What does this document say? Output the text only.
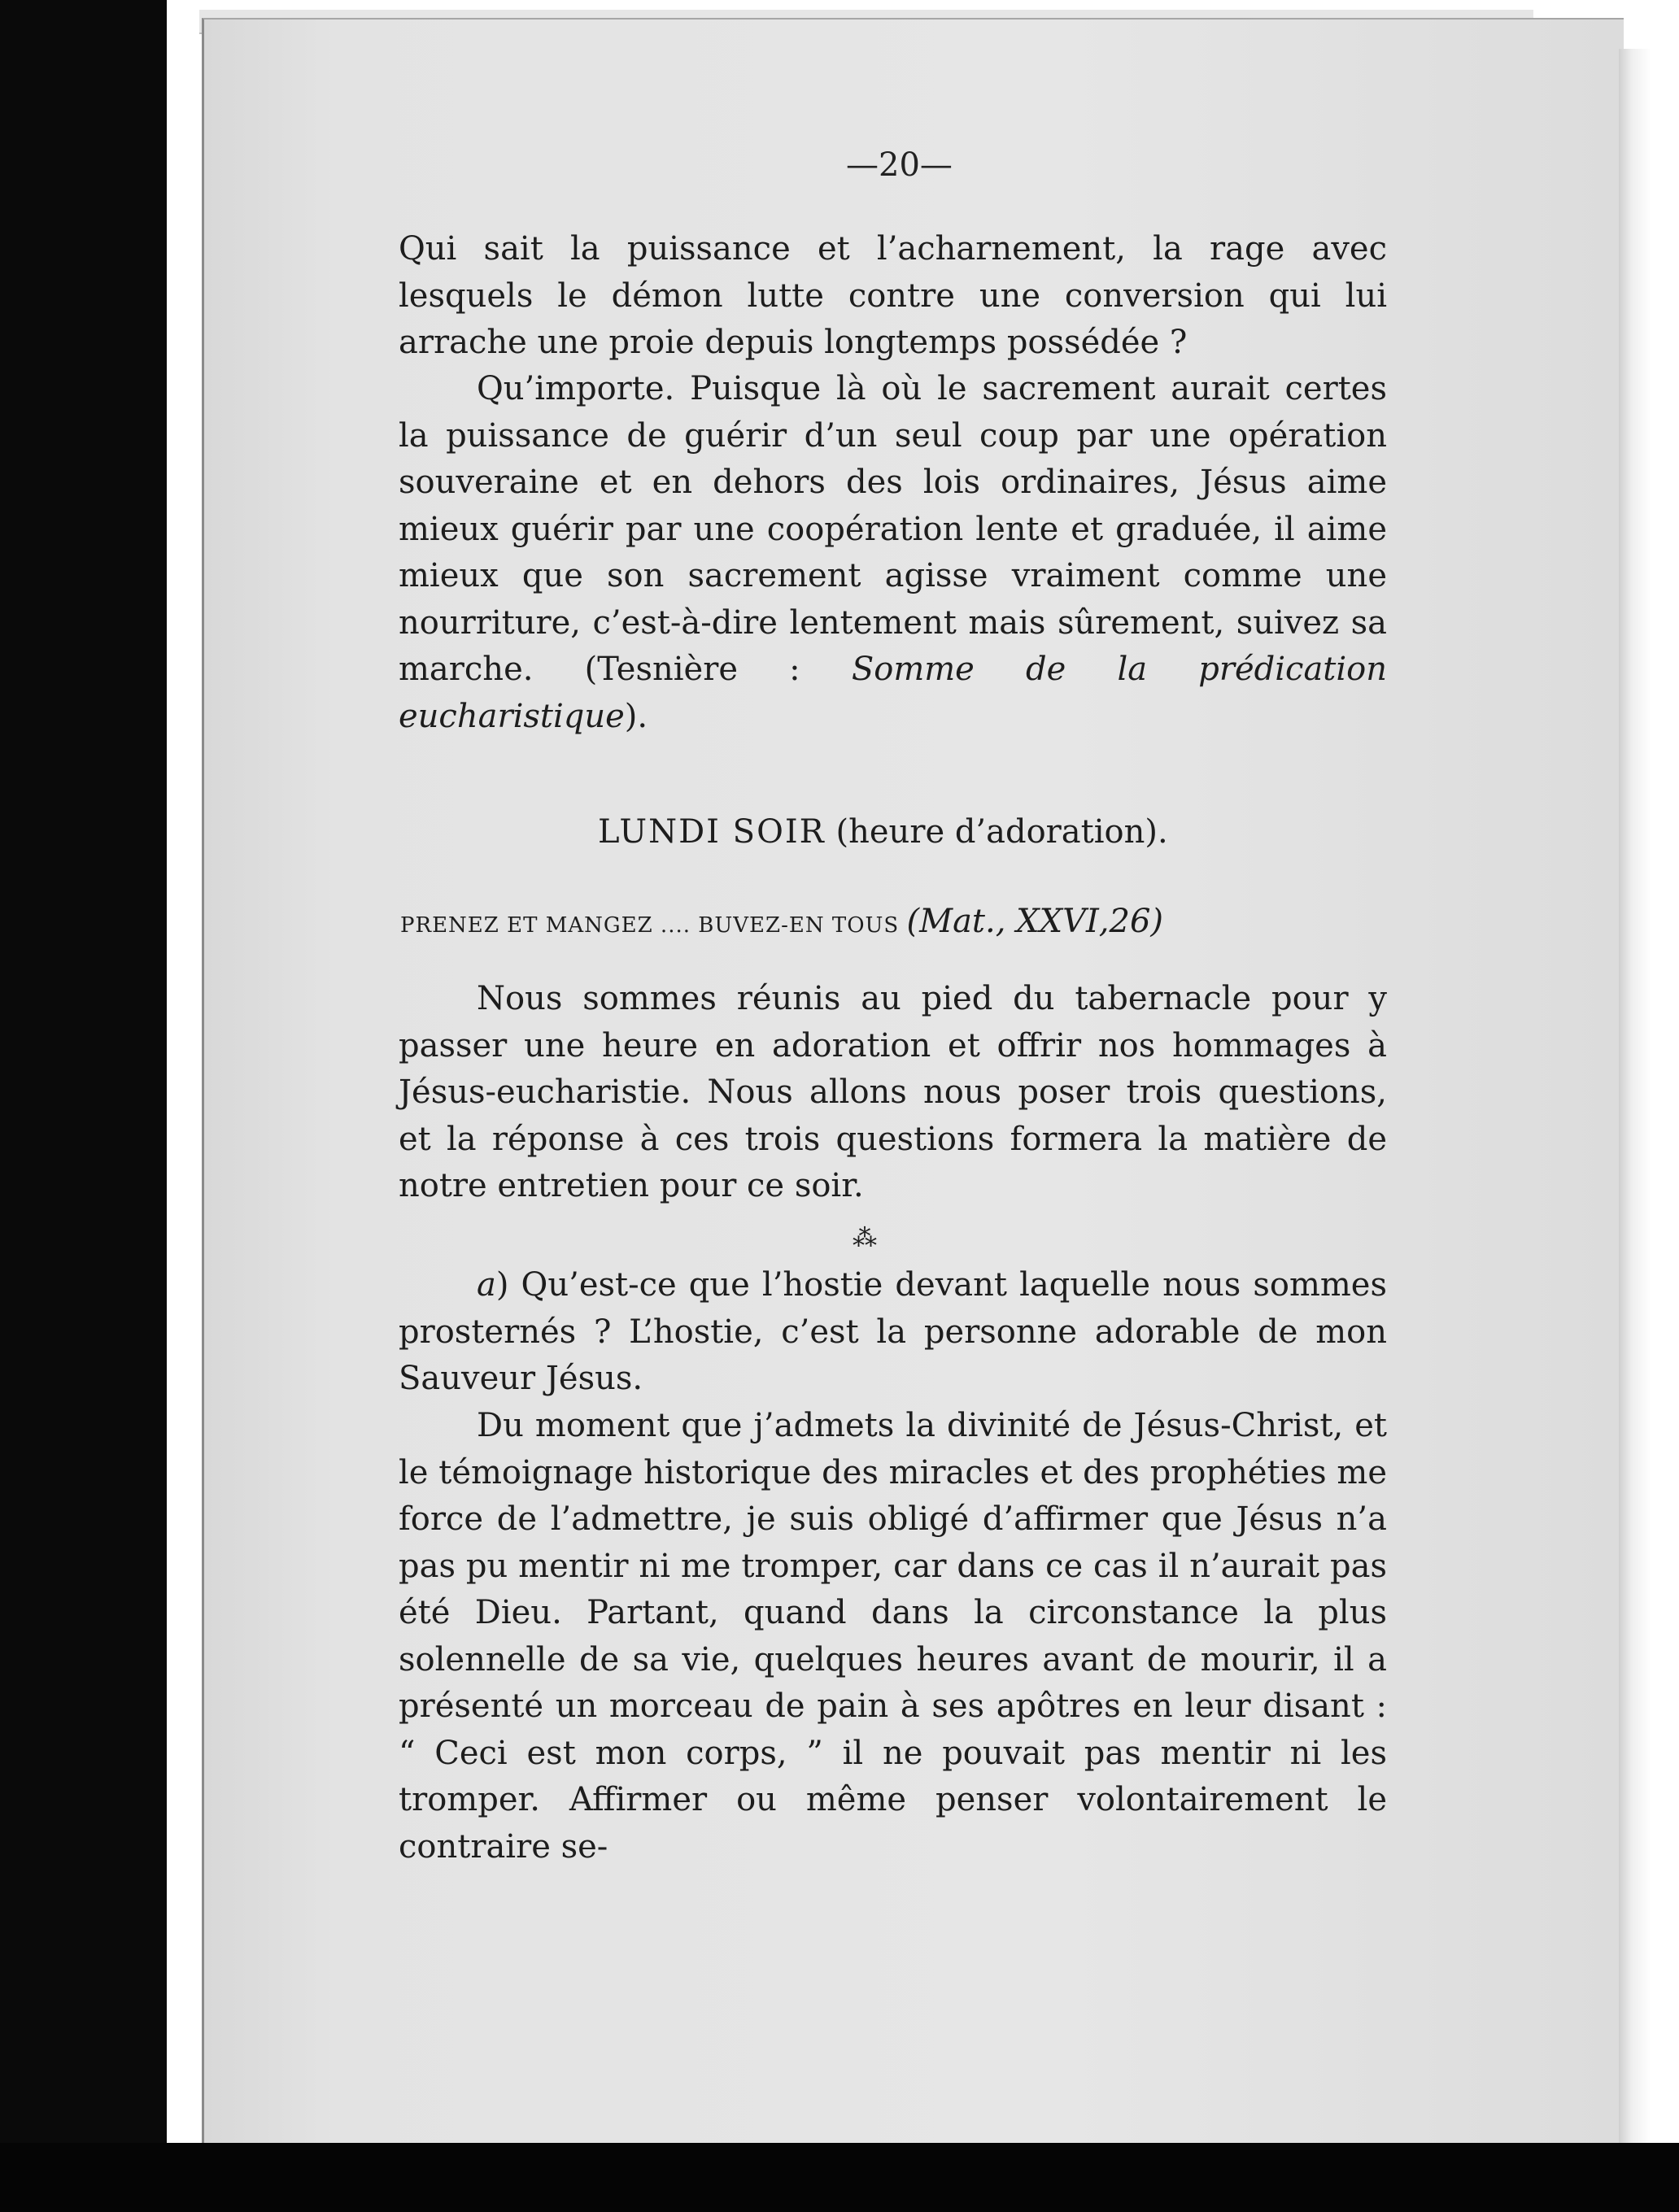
—20—

Qui sait la puissance et l’acharnement, la rage avec lesquels le démon lutte contre une conversion qui lui arrache une proie depuis longtemps possédée ?

Qu’importe. Puisque là où le sacrement aurait certes la puissance de guérir d’un seul coup par une opération souveraine et en dehors des lois ordinaires, Jésus aime mieux guérir par une coopération lente et graduée, il aime mieux que son sacrement agisse vraiment comme une nourriture, c’est-à-dire lentement mais sûrement, suivez sa marche. (Tesnière : Somme de la prédication eucharistique).

LUNDI SOIR (heure d’adoration).
PRENEZ ET MANGEZ .... BUVEZ-EN TOUS (Mat., XXVI,26)

Nous sommes réunis au pied du tabernacle pour y passer une heure en adoration et offrir nos hommages à Jésus-eucharistie. Nous allons nous poser trois questions, et la réponse à ces trois questions formera la matière de notre entretien pour ce soir.

⁂

a) Qu’est-ce que l’hostie devant laquelle nous sommes prosternés ? L’hostie, c’est la personne adorable de mon Sauveur Jésus.

Du moment que j’admets la divinité de Jésus-Christ, et le témoignage historique des miracles et des prophéties me force de l’admettre, je suis obligé d’affirmer que Jésus n’a pas pu mentir ni me tromper, car dans ce cas il n’aurait pas été Dieu. Partant, quand dans la circonstance la plus solennelle de sa vie, quelques heures avant de mourir, il a présenté un morceau de pain à ses apôtres en leur disant : “ Ceci est mon corps, ” il ne pouvait pas mentir ni les tromper. Affirmer ou même penser volontairement le contraire se-
